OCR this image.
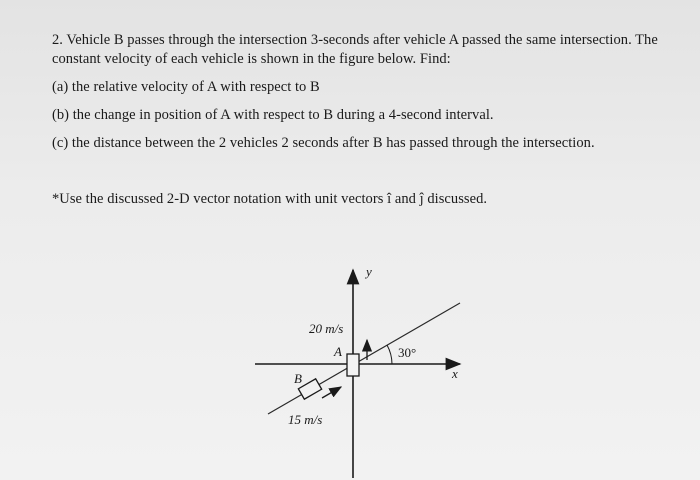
2. Vehicle B passes through the intersection 3-seconds after vehicle A passed the same intersection. The
constant velocity of each vehicle is shown in the figure below. Find:
(a) the relative velocity of A with respect to B
(b) the change in position of A with respect to B during a 4-second interval.
(c) the distance between the 2 vehicles 2 seconds after B has passed through the intersection.
*Use the discussed 2-D vector notation with unit vectors î and ĵ discussed.
y
x
A
B
20 m/s
15 m/s
30°
